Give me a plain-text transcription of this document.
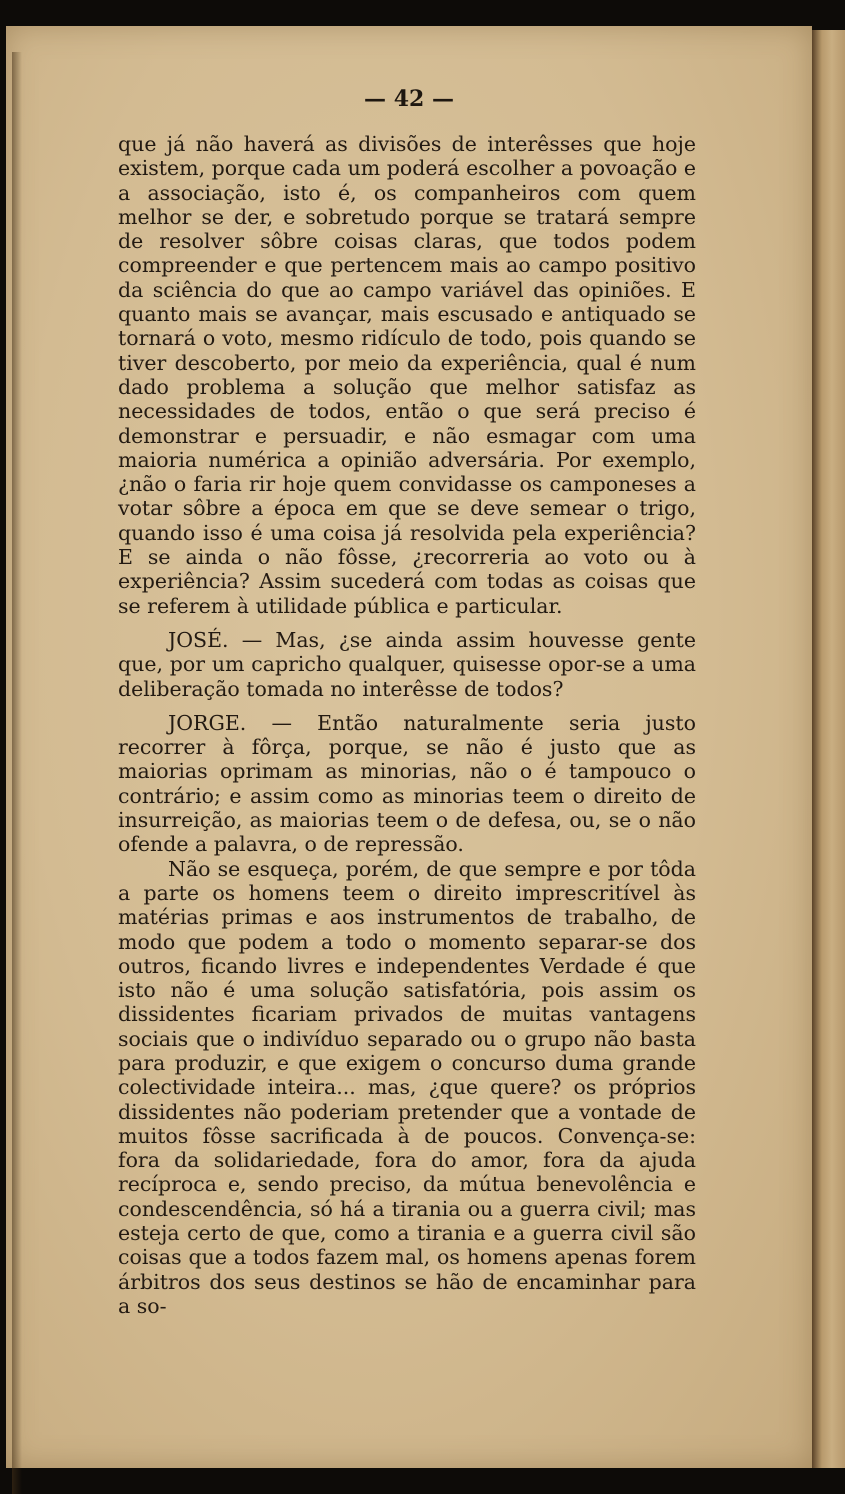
— 42 —

que já não haverá as divisões de interêsses que hoje existem, porque cada um poderá escolher a povoação e a associação, isto é, os companheiros com quem melhor se der, e sobretudo porque se tratará sempre de resolver sôbre coisas claras, que todos podem compreender e que pertencem mais ao campo positivo da sciência do que ao campo variável das opiniões. E quanto mais se avançar, mais escusado e antiquado se tornará o voto, mesmo ridículo de todo, pois quando se tiver descoberto, por meio da experiência, qual é num dado problema a solução que melhor satisfaz as necessidades de todos, então o que será preciso é demonstrar e persuadir, e não esmagar com uma maioria numérica a opinião adversária. Por exemplo, ¿não o faria rir hoje quem convidasse os camponeses a votar sôbre a época em que se deve semear o trigo, quando isso é uma coisa já resolvida pela experiência? E se ainda o não fôsse, ¿recorreria ao voto ou à experiência? Assim sucederá com todas as coisas que se referem à utilidade pública e particular.

JOSÉ. — Mas, ¿se ainda assim houvesse gente que, por um capricho qualquer, quisesse opor-se a uma deliberação tomada no interêsse de todos?

JORGE. — Então naturalmente seria justo recorrer à fôrça, porque, se não é justo que as maiorias oprimam as minorias, não o é tampouco o contrário; e assim como as minorias teem o direito de insurreição, as maiorias teem o de defesa, ou, se o não ofende a palavra, o de repressão.

Não se esqueça, porém, de que sempre e por tôda a parte os homens teem o direito imprescritível às matérias primas e aos instrumentos de trabalho, de modo que podem a todo o momento separar-se dos outros, ficando livres e independentes Verdade é que isto não é uma solução satisfatória, pois assim os dissidentes ficariam privados de muitas vantagens sociais que o indivíduo separado ou o grupo não basta para produzir, e que exigem o concurso duma grande colectividade inteira... mas, ¿que quere? os próprios dissidentes não poderiam pretender que a vontade de muitos fôsse sacrificada à de poucos. Convença-se: fora da solidariedade, fora do amor, fora da ajuda recíproca e, sendo preciso, da mútua benevolência e condescendência, só há a tirania ou a guerra civil; mas esteja certo de que, como a tirania e a guerra civil são coisas que a todos fazem mal, os homens apenas forem árbitros dos seus destinos se hão de encaminhar para a so-
